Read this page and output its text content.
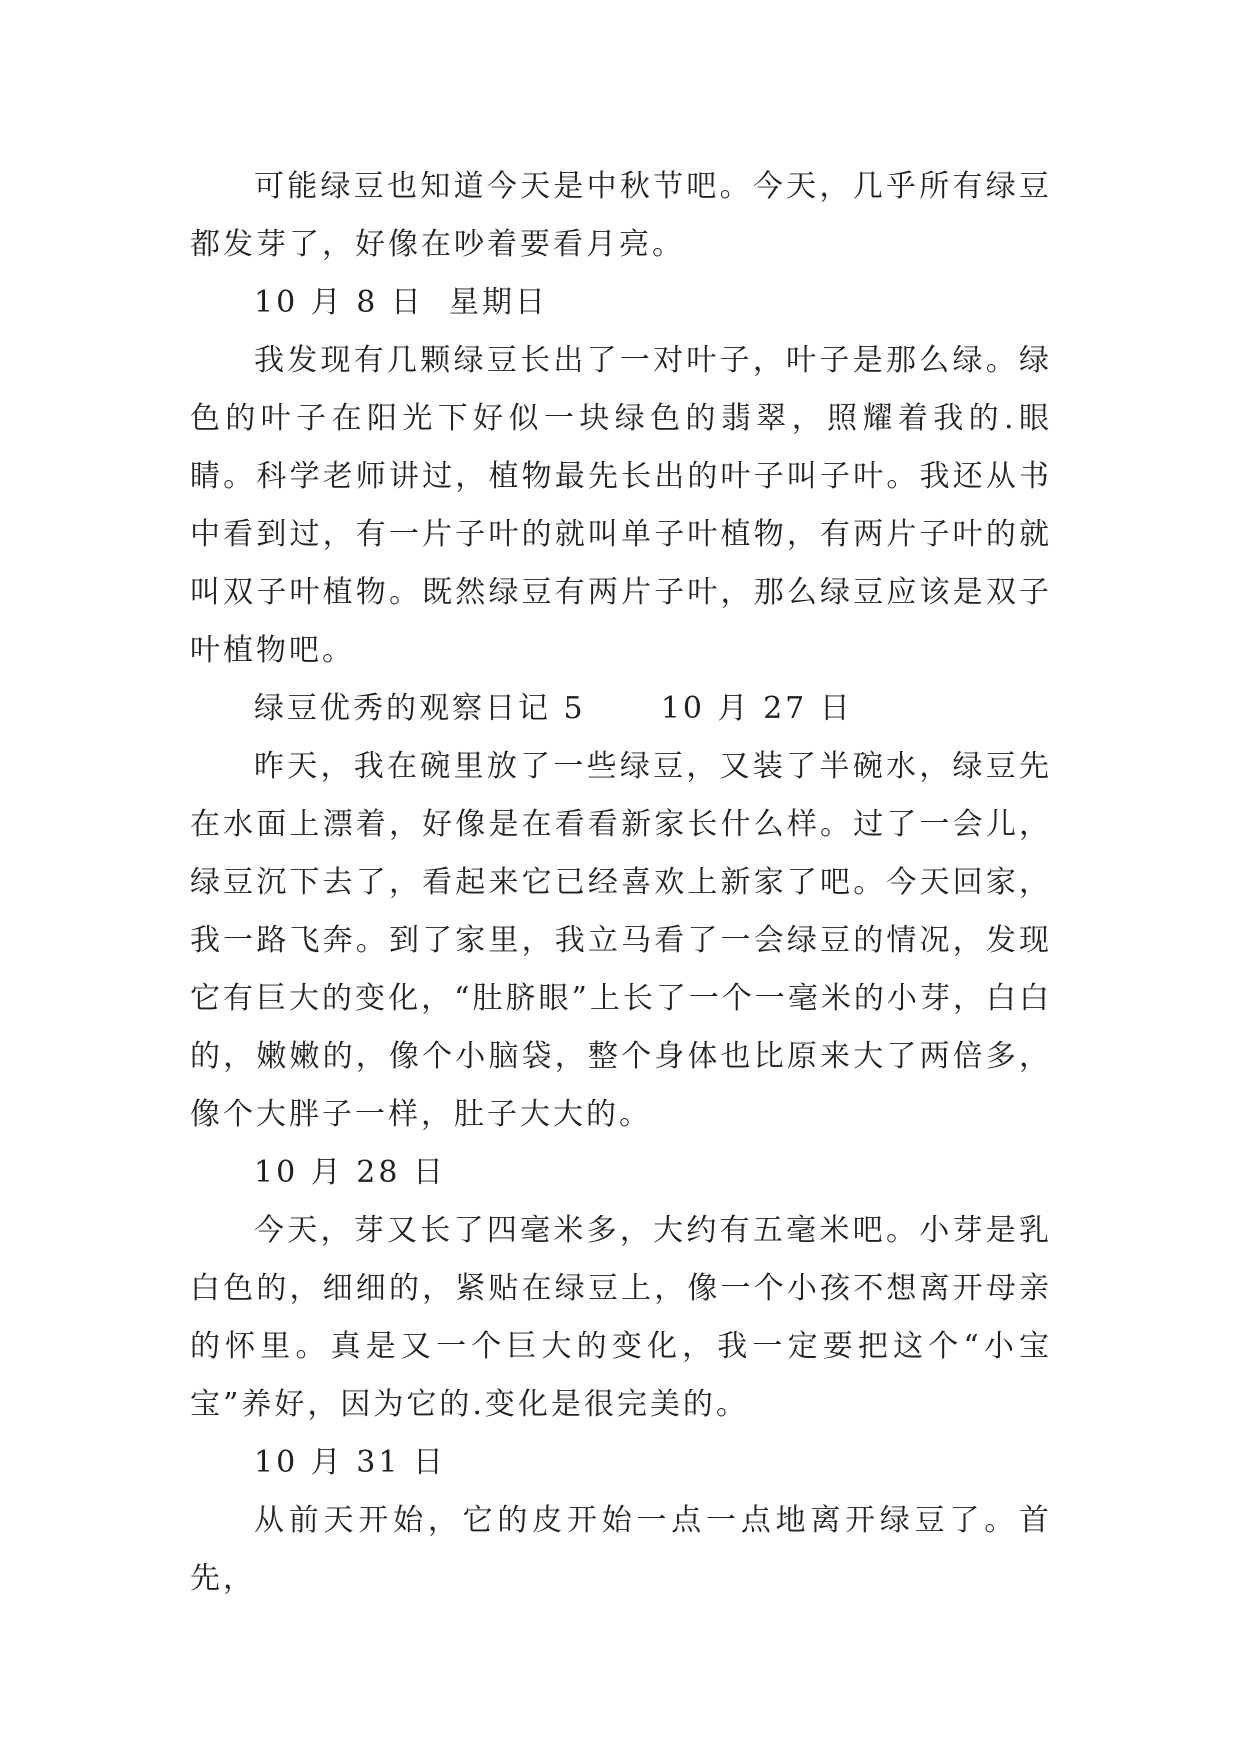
可能绿豆也知道今天是中秋节吧。今天，几乎所有绿豆都发芽了，好像在吵着要看月亮。

10 月 8 日  星期日

我发现有几颗绿豆长出了一对叶子，叶子是那么绿。绿色的叶子在阳光下好似一块绿色的翡翠，照耀着我的.眼睛。科学老师讲过，植物最先长出的叶子叫子叶。我还从书中看到过，有一片子叶的就叫单子叶植物，有两片子叶的就叫双子叶植物。既然绿豆有两片子叶，那么绿豆应该是双子叶植物吧。

绿豆优秀的观察日记 5      10 月 27 日

昨天，我在碗里放了一些绿豆，又装了半碗水，绿豆先在水面上漂着，好像是在看看新家长什么样。过了一会儿，绿豆沉下去了，看起来它已经喜欢上新家了吧。今天回家，我一路飞奔。到了家里，我立马看了一会绿豆的情况，发现它有巨大的变化，“肚脐眼”上长了一个一毫米的小芽，白白的，嫩嫩的，像个小脑袋，整个身体也比原来大了两倍多，像个大胖子一样，肚子大大的。

10 月 28 日

今天，芽又长了四毫米多，大约有五毫米吧。小芽是乳白色的，细细的，紧贴在绿豆上，像一个小孩不想离开母亲的怀里。真是又一个巨大的变化，我一定要把这个“小宝宝”养好，因为它的.变化是很完美的。

10 月 31 日

从前天开始，它的皮开始一点一点地离开绿豆了。首先，
